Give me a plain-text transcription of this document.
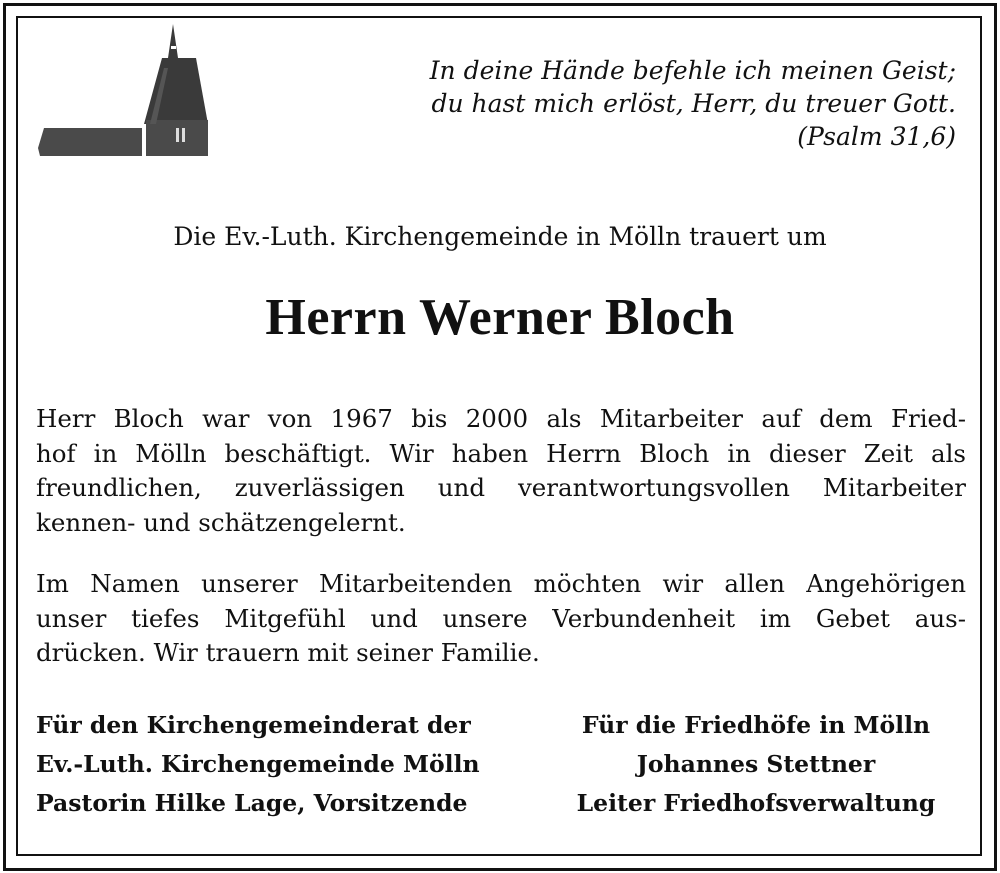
In deine Hände befehle ich meinen Geist;
du hast mich erlöst, Herr, du treuer Gott.
(Psalm 31,6)
Die Ev.-Luth. Kirchengemeinde in Mölln trauert um
Herrn Werner Bloch
Herr Bloch war von 1967 bis 2000 als Mitarbeiter auf dem Fried-
hof in Mölln beschäftigt. Wir haben Herrn Bloch in dieser Zeit als
freundlichen, zuverlässigen und verantwortungsvollen Mitarbeiter
kennen- und schätzengelernt.
Im Namen unserer Mitarbeitenden möchten wir allen Angehörigen
unser tiefes Mitgefühl und unsere Verbundenheit im Gebet aus-
drücken. Wir trauern mit seiner Familie.
Für den Kirchengemeinderat der
Ev.-Luth. Kirchengemeinde Mölln
Pastorin Hilke Lage, Vorsitzende
Für die Friedhöfe in Mölln
Johannes Stettner
Leiter Friedhofsverwaltung
